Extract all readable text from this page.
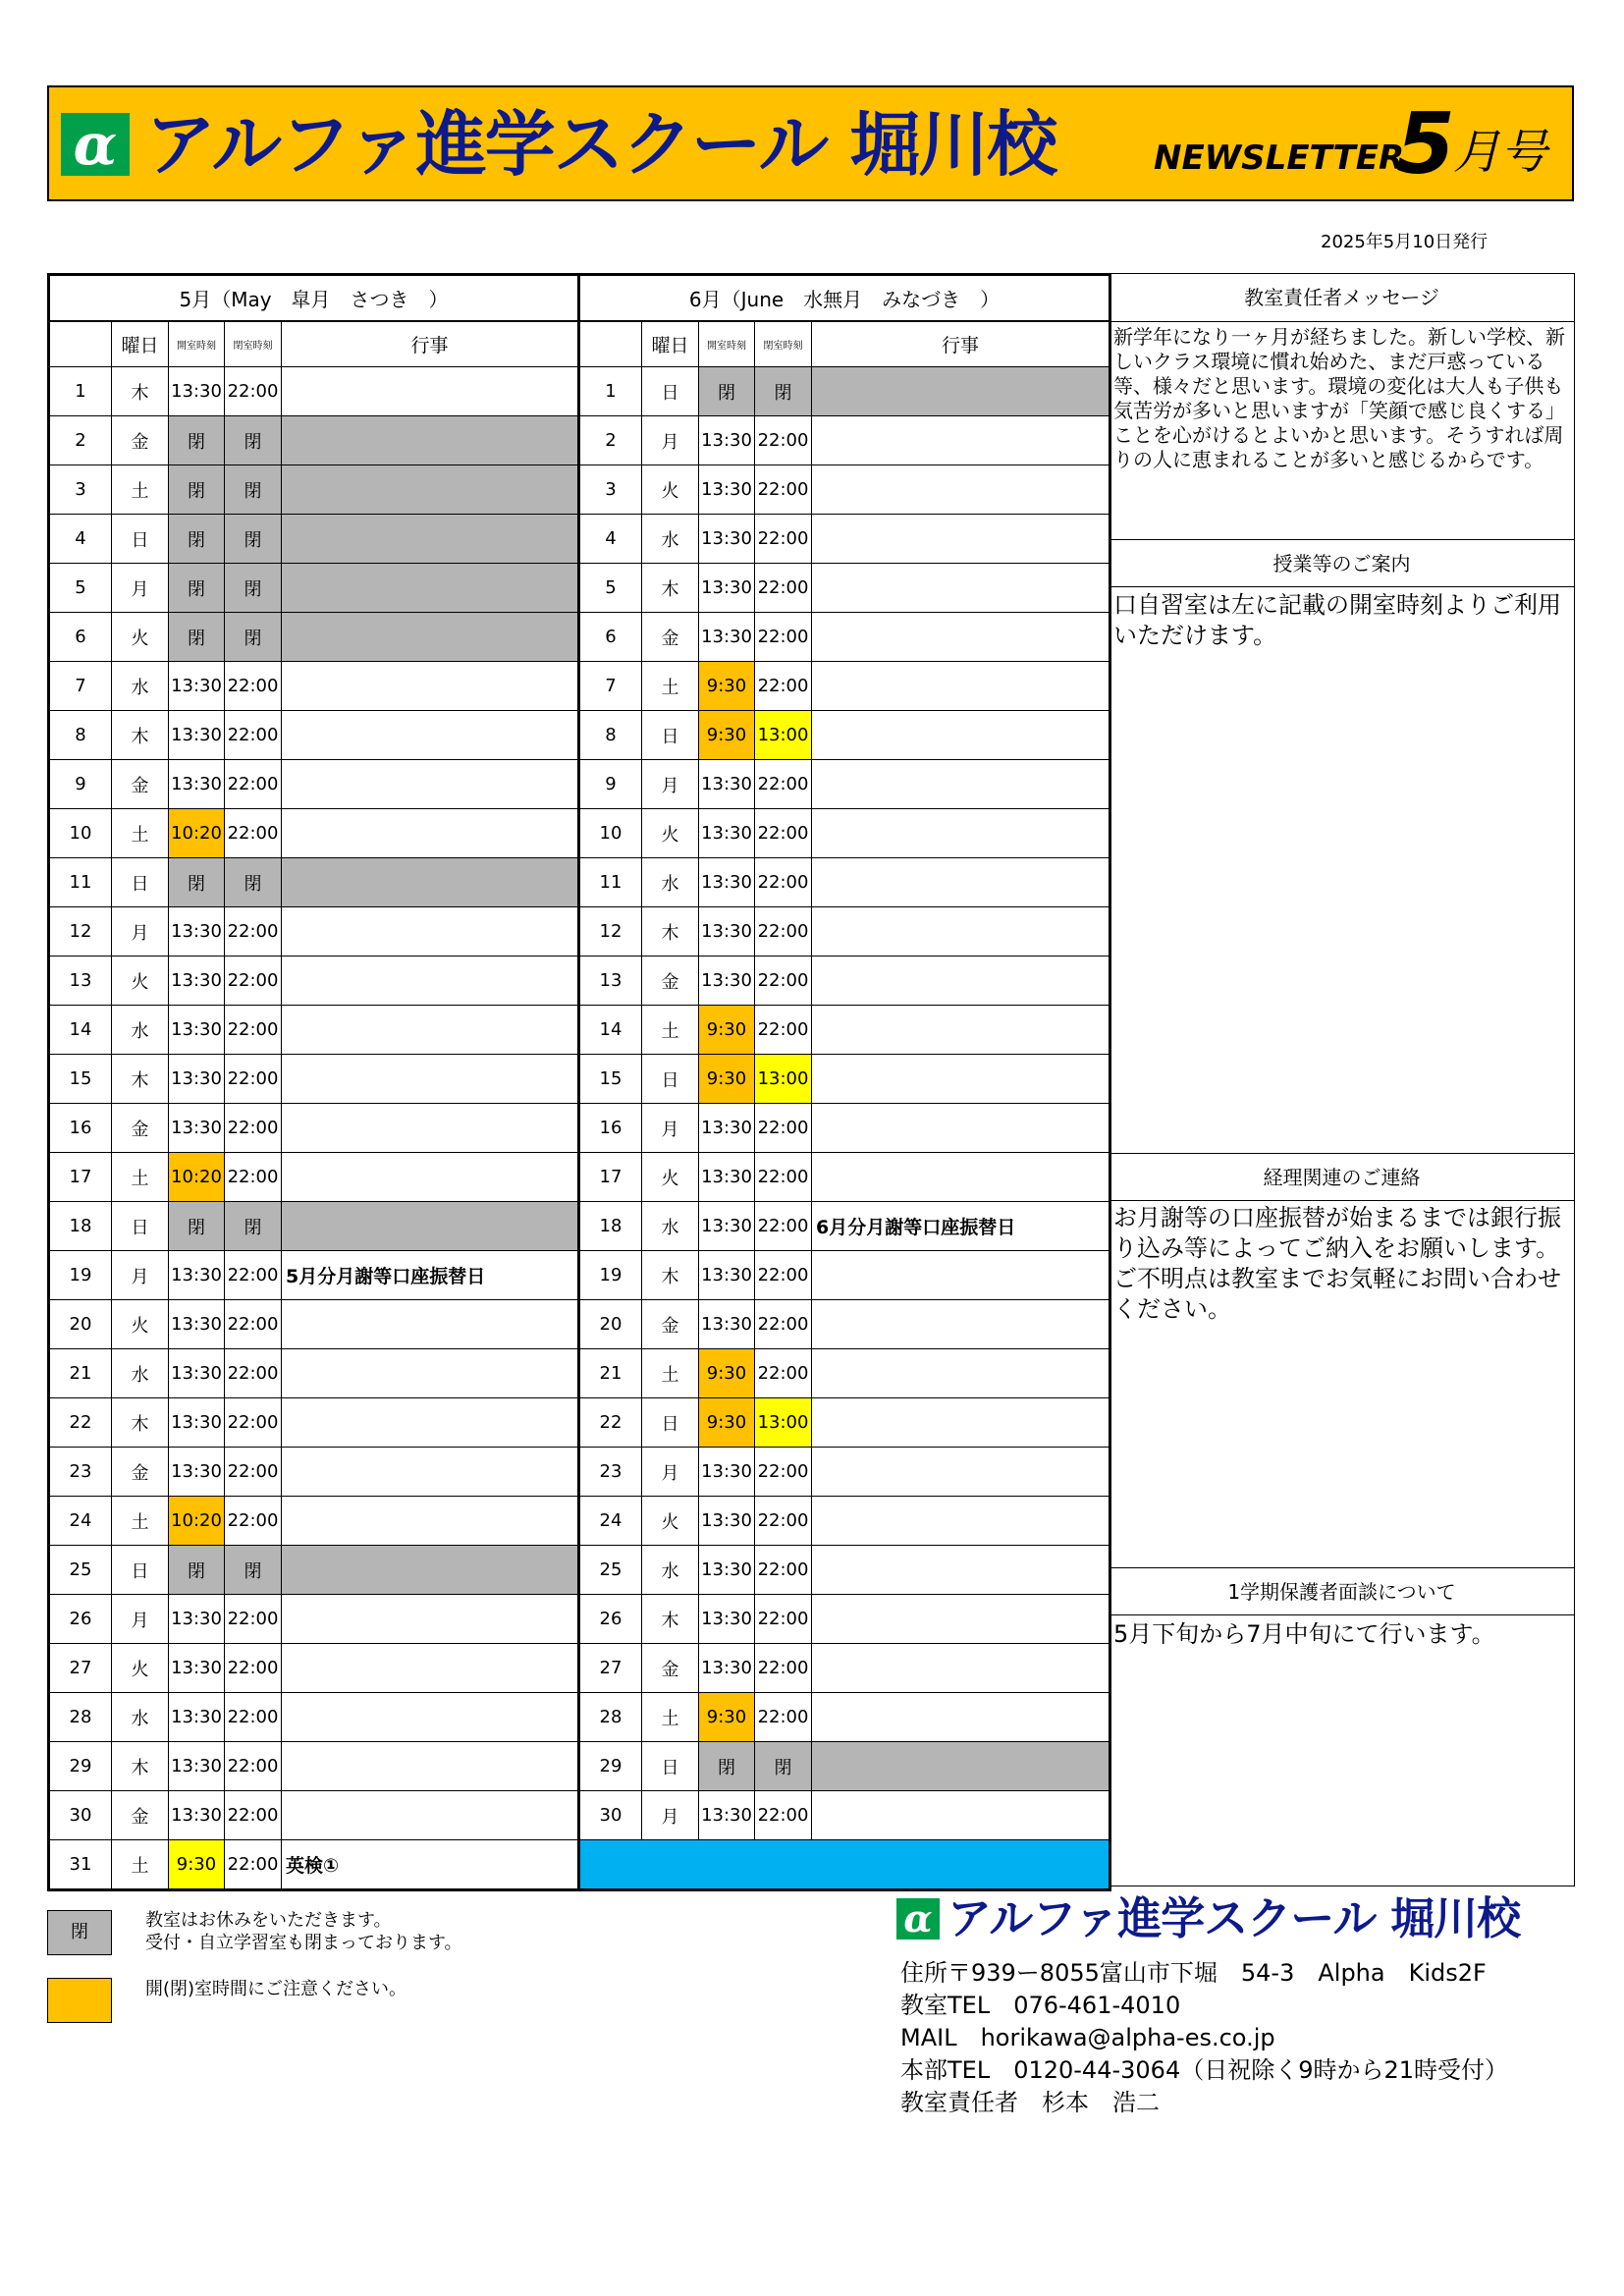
α アルファ進学スクール 堀川校	NEWSLETTER
5
月号
2025年5月10日発行
5月（May　皐月　さつき　）				
	曜日	開室時刻	閉室時刻	行事
1	木	13:30	22:00	
2	金	閉	閉	
3	土	閉	閉	
4	日	閉	閉	
5	月	閉	閉	
6	火	閉	閉	
7	水	13:30	22:00	
8	木	13:30	22:00	
9	金	13:30	22:00	
10	土	10:20	22:00	
11	日	閉	閉	
12	月	13:30	22:00	
13	火	13:30	22:00	
14	水	13:30	22:00	
15	木	13:30	22:00	
16	金	13:30	22:00	
17	土	10:20	22:00	
18	日	閉	閉	
19	月	13:30	22:00	5月分月謝等口座振替日
20	火	13:30	22:00	
21	水	13:30	22:00	
22	木	13:30	22:00	
23	金	13:30	22:00	
24	土	10:20	22:00	
25	日	閉	閉	
26	月	13:30	22:00	
27	火	13:30	22:00	
28	水	13:30	22:00	
29	木	13:30	22:00	
30	金	13:30	22:00	
31	土	9:30	22:00	英検①
6月（June　水無月　みなづき　）				
	曜日	開室時刻	閉室時刻	行事
1	日	閉	閉	
2	月	13:30	22:00	
3	火	13:30	22:00	
4	水	13:30	22:00	
5	木	13:30	22:00	
6	金	13:30	22:00	
7	土	9:30	22:00	
8	日	9:30	13:00	
9	月	13:30	22:00	
10	火	13:30	22:00	
11	水	13:30	22:00	
12	木	13:30	22:00	
13	金	13:30	22:00	
14	土	9:30	22:00	
15	日	9:30	13:00	
16	月	13:30	22:00	
17	火	13:30	22:00	
18	水	13:30	22:00	6月分月謝等口座振替日
19	木	13:30	22:00	
20	金	13:30	22:00	
21	土	9:30	22:00	
22	日	9:30	13:00	
23	月	13:30	22:00	
24	火	13:30	22:00	
25	水	13:30	22:00	
26	木	13:30	22:00	
27	金	13:30	22:00	
28	土	9:30	22:00	
29	日	閉	閉	
30	月	13:30	22:00	

教室責任者メッセージ
新学年になり一ヶ月が経ちました。新しい学校、新しいクラス環境に慣れ始めた、まだ戸惑っている等、様々だと思います。環境の変化は大人も子供も気苦労が多いと思いますが「笑顔で感じ良くする」ことを心がけるとよいかと思います。そうすれば周りの人に恵まれることが多いと感じるからです。
授業等のご案内
口自習室は左に記載の開室時刻よりご利用いただけます。
経理関連のご連絡
お月謝等の口座振替が始まるまでは銀行振り込み等によってご納入をお願いします。ご不明点は教室までお気軽にお問い合わせください。
1学期保護者面談について
5月下旬から7月中旬にて行います。
閉
教室はお休みをいただきます。
受付・自立学習室も閉まっております。
開(閉)室時間にご注意ください。
α アルファ進学スクール 堀川校
住所〒939ー8055富山市下堀　54-3　Alpha　Kids2F
教室TEL　076-461-4010
MAIL　horikawa@alpha-es.co.jp
本部TEL　0120-44-3064（日祝除く9時から21時受付）
教室責任者　杉本　浩二
